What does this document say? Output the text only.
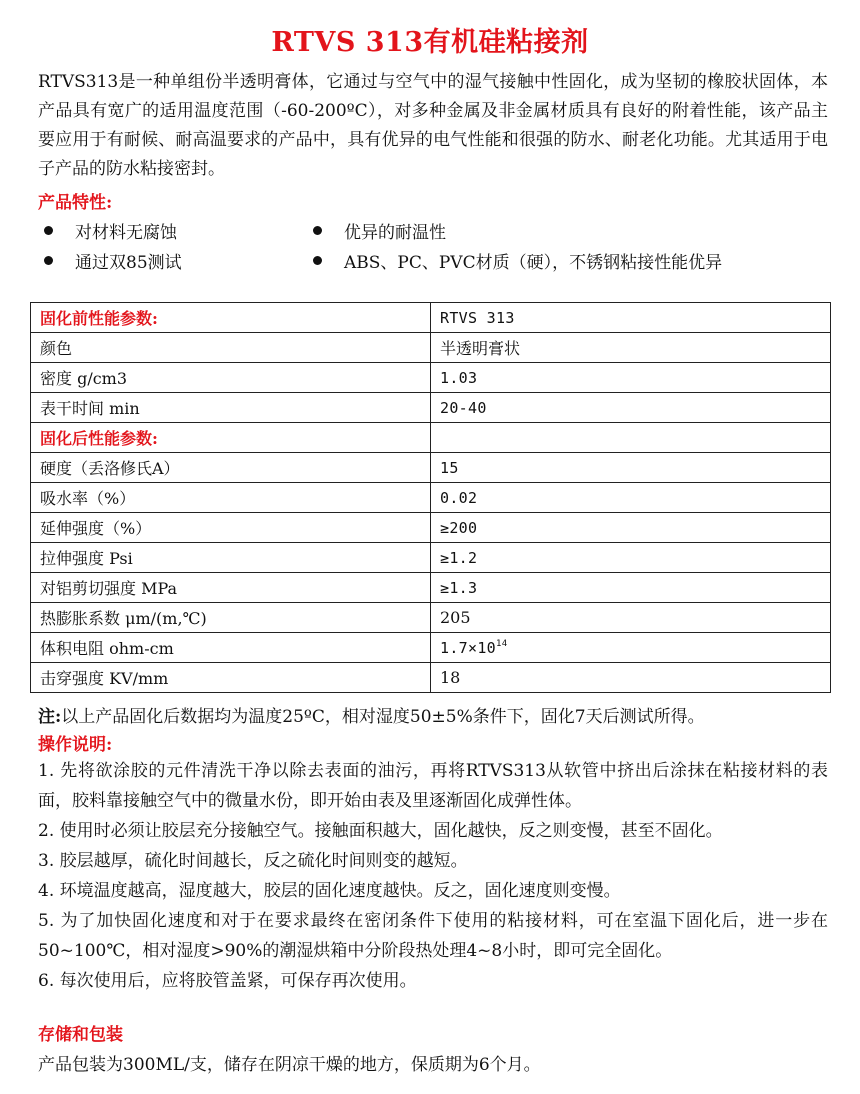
RTVS 313有机硅粘接剂

RTVS313是一种单组份半透明膏体，它通过与空气中的湿气接触中性固化，成为坚韧的橡胶状固体，本产品具有宽广的适用温度范围（-60-200ºC），对多种金属及非金属材质具有良好的附着性能，该产品主要应用于有耐候、耐高温要求的产品中，具有优异的电气性能和很强的防水、耐老化功能。尤其适用于电子产品的防水粘接密封。

产品特性:
对材料无腐蚀	优异的耐温性
通过双85测试	ABS、PC、PVC材质（硬），不锈钢粘接性能优异
固化前性能参数:	RTVS 313
颜色	半透明膏状
密度 g/cm3	1.03
表干时间 min	20-40
固化后性能参数:	
硬度（丢洛修氏A）	15
吸水率（%）	0.02
延伸强度（%）	≥200
拉伸强度 Psi	≥1.2
对铝剪切强度 MPa	≥1.3
热膨胀系数 μm/(m,℃)	205
体积电阻 ohm-cm	$1.7\times 10^{14}$
击穿强度 KV/mm	18
注:以上产品固化后数据均为温度25ºC，相对湿度50±5%条件下，固化7天后测试所得。
操作说明:
1. 先将欲涂胶的元件清洗干净以除去表面的油污，再将RTVS313从软管中挤出后涂抹在粘接材料的表面，胶料靠接触空气中的微量水份，即开始由表及里逐渐固化成弹性体。
2. 使用时必须让胶层充分接触空气。接触面积越大，固化越快，反之则变慢，甚至不固化。
3. 胶层越厚，硫化时间越长，反之硫化时间则变的越短。
4. 环境温度越高，湿度越大，胶层的固化速度越快。反之，固化速度则变慢。
5. 为了加快固化速度和对于在要求最终在密闭条件下使用的粘接材料，可在室温下固化后，进一步在50~100℃，相对湿度>90%的潮湿烘箱中分阶段热处理4~8小时，即可完全固化。
6. 每次使用后，应将胶管盖紧，可保存再次使用。
存储和包装
产品包装为300ML/支，储存在阴凉干燥的地方，保质期为6个月。
